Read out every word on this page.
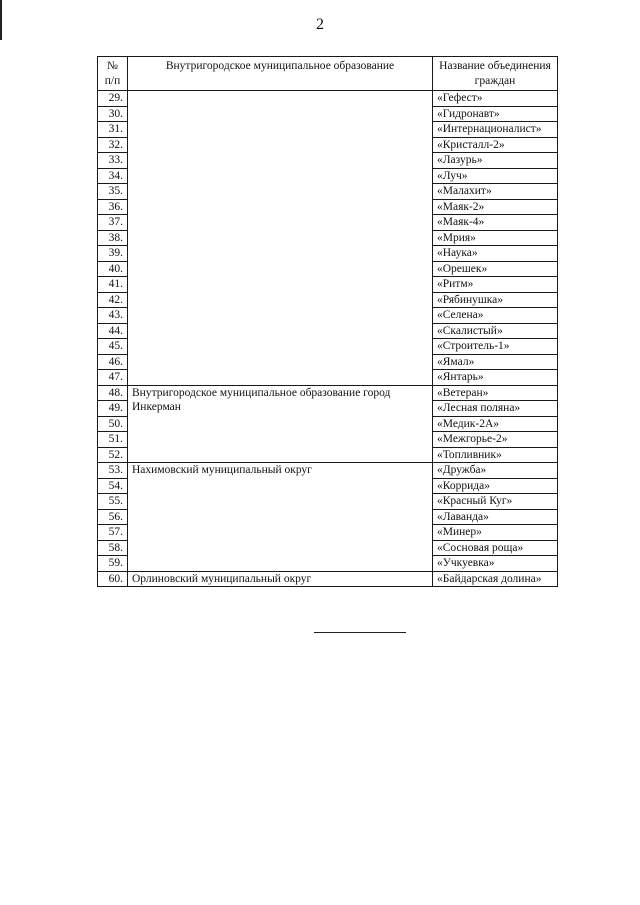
2
№ п/п	Внутригородское муниципальное образование	Название объединения граждан
29.		«Гефест»
30.		«Гидронавт»
31.		«Интернационалист»
32.		«Кристалл-2»
33.		«Лазурь»
34.		«Луч»
35.		«Малахит»
36.		«Маяк-2»
37.		«Маяк-4»
38.		«Мрия»
39.		«Наука»
40.		«Орешек»
41.		«Ритм»
42.		«Рябинушка»
43.		«Селена»
44.		«Скалистый»
45.		«Строитель-1»
46.		«Ямал»
47.		«Янтарь»
48.	Внутригородское муниципальное образование город Инкерман	«Ветеран»
49.		«Лесная поляна»
50.		«Медик-2А»
51.		«Межгорье-2»
52.		«Топливник»
53.	Нахимовский муниципальный округ	«Дружба»
54.		«Коррида»
55.		«Красный Куг»
56.		«Лаванда»
57.		«Минер»
58.		«Сосновая роща»
59.		«Учкуевка»
60.	Орлиновский муниципальный округ	«Байдарская долина»
